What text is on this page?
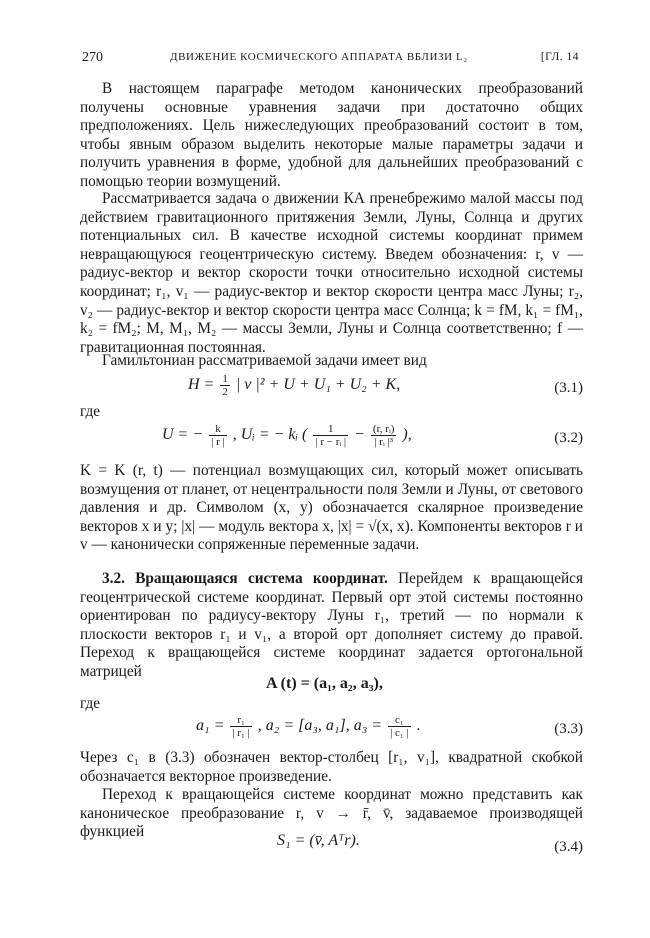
270	ДВИЖЕНИЕ КОСМИЧЕСКОГО АППАРАТА ВБЛИЗИ L₂	[ГЛ. 14
В настоящем параграфе методом канонических преобразований получены основные уравнения задачи при достаточно общих предположениях. Цель нижеследующих преобразований состоит в том, чтобы явным образом выделить некоторые малые параметры задачи и получить уравнения в форме, удобной для дальнейших преобразований с помощью теории возмущений.
Рассматривается задача о движении КА пренебрежимо малой массы под действием гравитационного притяжения Земли, Луны, Солнца и других потенциальных сил. В качестве исходной системы координат примем невращающуюся геоцентрическую систему. Введем обозначения: r, v — радиус-вектор и вектор скорости точки относительно исходной системы координат; r₁, v₁ — радиус-вектор и вектор скорости центра масс Луны; r₂, v₂ — радиус-вектор и вектор скорости центра масс Солнца; k = fM, k₁ = fM₁, k₂ = fM₂; M, M₁, M₂ — массы Земли, Луны и Солнца соответственно; f — гравитационная постоянная.
Гамильтониан рассматриваемой задачи имеет вид
$H = \frac{1}{2}$ | v |² + U + U₁ + U₂ + K,	(3.1)
где
U = − $\frac{k}{| r |}$ , Uᵢ = − kᵢ ( $\frac{1}{\text{| r − rᵢ |}} - \frac{\text{(r, rᵢ)}}{\text{| rᵢ |³}}$ ),	(3.2)
K = K (r, t) — потенциал возмущающих сил, который может описывать возмущения от планет, от нецентральности поля Земли и Луны, от светового давления и др. Символом (x, y) обозначается скалярное произведение векторов x и y; |x| — модуль вектора x, |x| = √(x, x). Компоненты векторов r и v — канонически сопряженные переменные задачи.
3.2. Вращающаяся система координат. Перейдем к вращающейся геоцентрической системе координат. Первый орт этой системы постоянно ориентирован по радиусу-вектору Луны r₁, третий — по нормали к плоскости векторов r₁ и v₁, а второй орт дополняет систему до правой. Переход к вращающейся системе координат задается ортогональной матрицей
A (t) = (a₁, a₂, a₃),
где
$a_1 = \frac{\text{r₁}}{\text{| r₁ |}}$ , a₂ = [a₃, a₁], $a_3 = \frac{\text{c₁}}{\text{| c₁ |}}$ .	(3.3)
Через c₁ в (3.3) обозначен вектор-столбец [r₁, v₁], квадратной скобкой обозначается векторное произведение.
Переход к вращающейся системе координат можно представить как каноническое преобразование r, v → r̄, v̄, задаваемое производящей функцией
S₁ = (v̄, Aᵀr).	(3.4)
